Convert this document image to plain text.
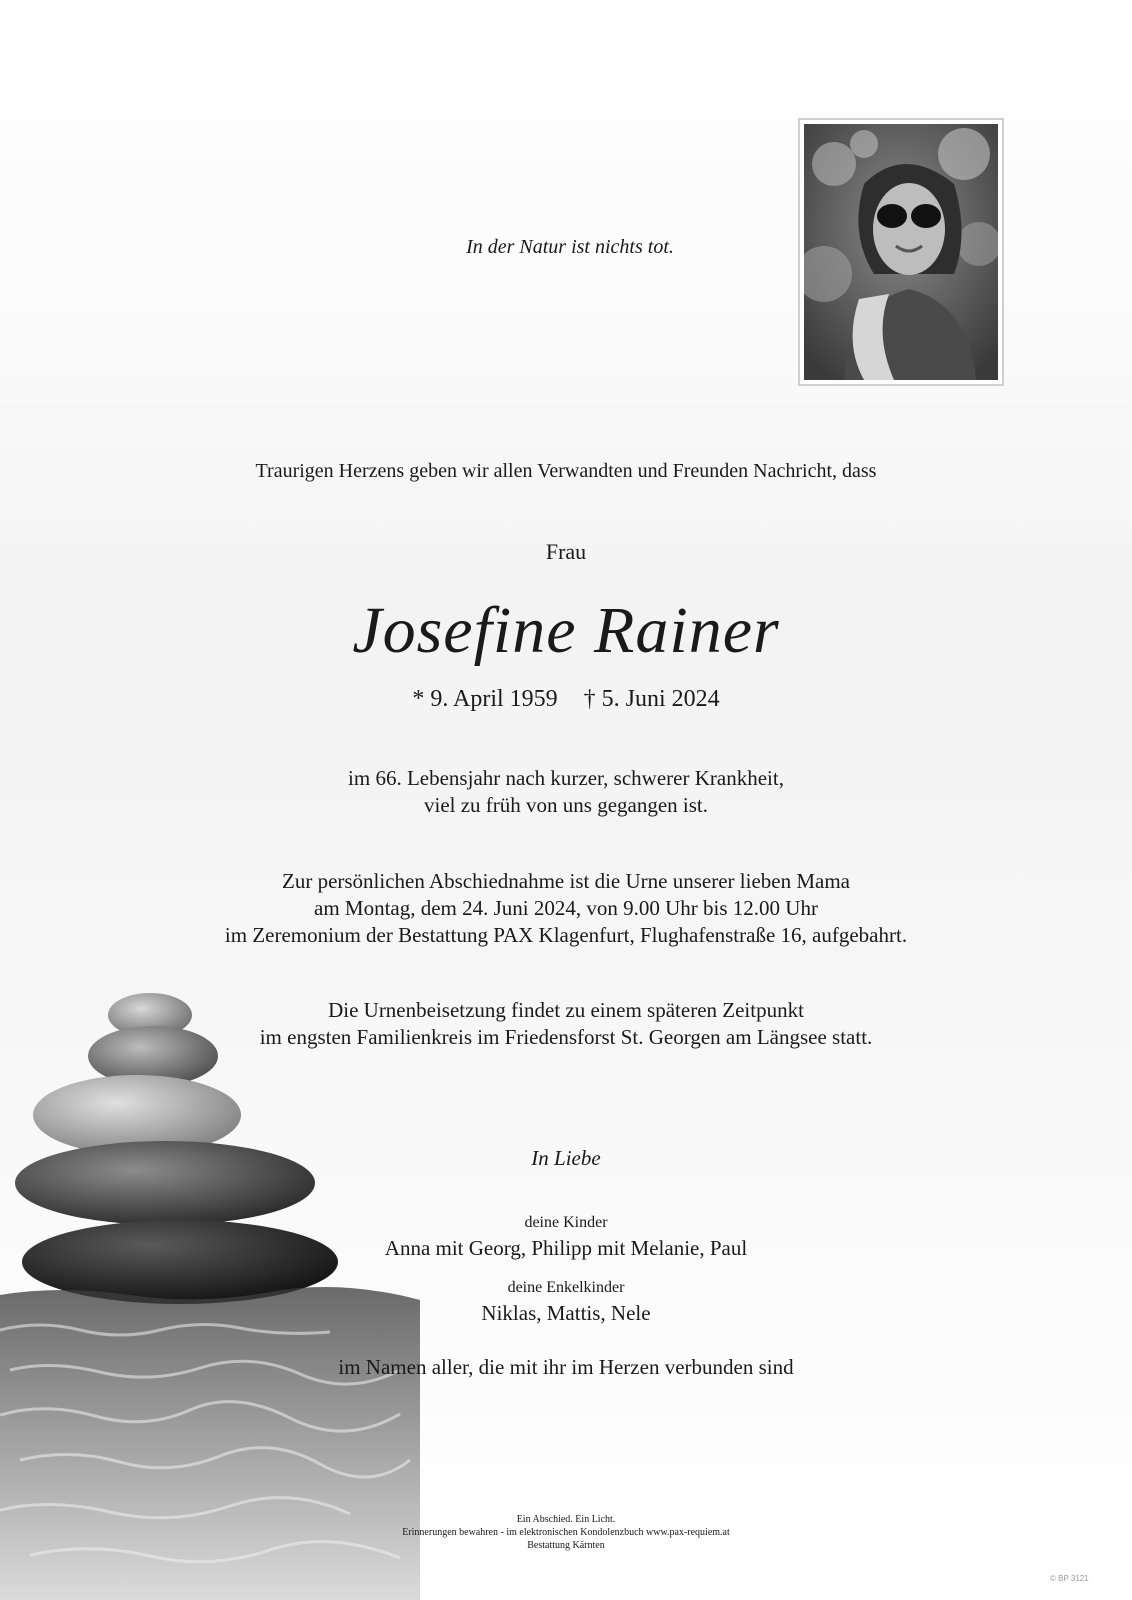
In der Natur ist nichts tot.
Traurigen Herzens geben wir allen Verwandten und Freunden Nachricht, dass
Frau
Josefine Rainer
* 9. April 1959 † 5. Juni 2024
im 66. Lebensjahr nach kurzer, schwerer Krankheit,
viel zu früh von uns gegangen ist.
Zur persönlichen Abschiednahme ist die Urne unserer lieben Mama
am Montag, dem 24. Juni 2024, von 9.00 Uhr bis 12.00 Uhr
im Zeremonium der Bestattung PAX Klagenfurt, Flughafenstraße 16, aufgebahrt.
Die Urnenbeisetzung findet zu einem späteren Zeitpunkt
im engsten Familienkreis im Friedensforst St. Georgen am Längsee statt.
In Liebe
deine Kinder
Anna mit Georg, Philipp mit Melanie, Paul
deine Enkelkinder
Niklas, Mattis, Nele
im Namen aller, die mit ihr im Herzen verbunden sind
Ein Abschied. Ein Licht.
Erinnerungen bewahren - im elektronischen Kondolenzbuch www.pax-requiem.at
Bestattung Kärnten
© BP 3121
